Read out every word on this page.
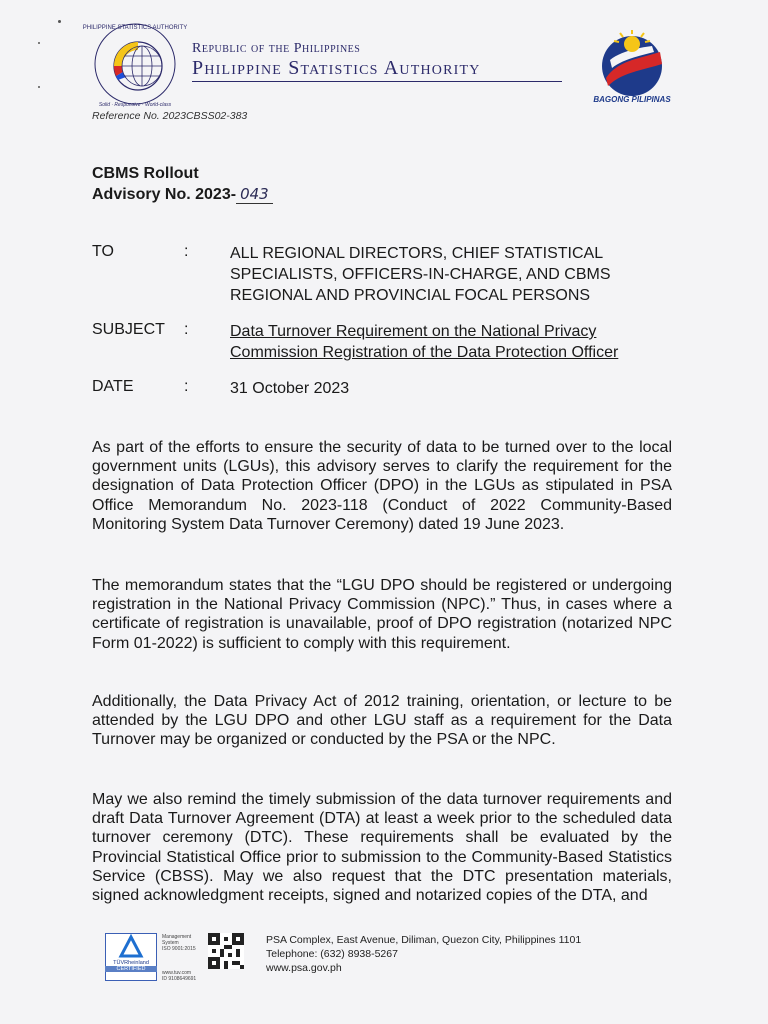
PHILIPPINE STATISTICS AUTHORITY
Solid · Responsive · World-class
Republic of the Philippines
Philippine Statistics Authority
BAGONG PILIPINAS
Reference No. 2023CBSS02-383
CBMS Rollout
Advisory No. 2023- 043
TO	:	ALL REGIONAL DIRECTORS, CHIEF STATISTICAL SPECIALISTS, OFFICERS-IN-CHARGE, AND CBMS REGIONAL AND PROVINCIAL FOCAL PERSONS
SUBJECT :	Data Turnover Requirement on the National Privacy Commission Registration of the Data Protection Officer
DATE	:	31 October 2023

As part of the efforts to ensure the security of data to be turned over to the local government units (LGUs), this advisory serves to clarify the requirement for the designation of Data Protection Officer (DPO) in the LGUs as stipulated in PSA Office Memorandum No. 2023-118 (Conduct of 2022 Community-Based Monitoring System Data Turnover Ceremony) dated 19 June 2023.

The memorandum states that the “LGU DPO should be registered or undergoing registration in the National Privacy Commission (NPC).” Thus, in cases where a certificate of registration is unavailable, proof of DPO registration (notarized NPC Form 01-2022) is sufficient to comply with this requirement.

Additionally, the Data Privacy Act of 2012 training, orientation, or lecture to be attended by the LGU DPO and other LGU staff as a requirement for the Data Turnover may be organized or conducted by the PSA or the NPC.

May we also remind the timely submission of the data turnover requirements and draft Data Turnover Agreement (DTA) at least a week prior to the scheduled data turnover ceremony (DTC). These requirements shall be evaluated by the Provincial Statistical Office prior to submission to the Community-Based Statistics Service (CBSS). May we also request that the DTC presentation materials, signed acknowledgment receipts, signed and notarized copies of the DTA, and

TÜVRheinland
CERTIFIED
Management
System
ISO 9001:2015
www.tuv.com
ID 9108649691
PSA Complex, East Avenue, Diliman, Quezon City, Philippines 1101
Telephone: (632) 8938-5267
www.psa.gov.ph
